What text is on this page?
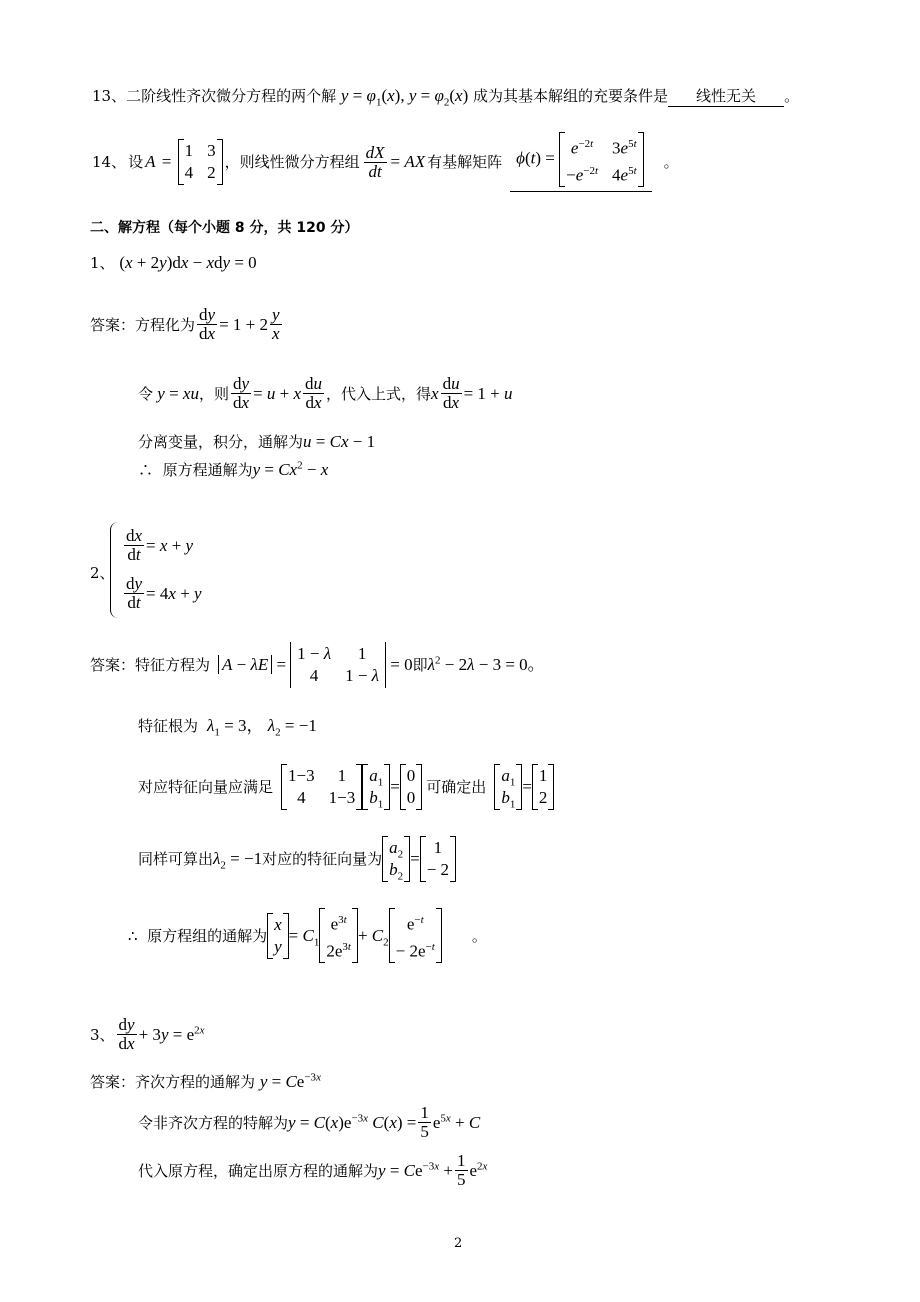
13、二阶线性齐次微分方程的两个解 $y = \varphi_1(x)$, $y = \varphi_2(x)$ 成为其基本解组的充要条件是 线性无关 。
14、 设 A =
1 3
4 2
，则线性微分方程组 $\frac{dX}{dt}$ = AX 有基解矩阵 ϕ(t) =
$e^{-2t}$ $3e^{5t}$
$-e^{-2t}$ $4e^{5t}$ 。
二、解方程（每个小题 8 分，共 120 分）
1、 (x + 2y)dx − xdy = 0
答案： 方程化为 $\frac{dy}{dx} = 1 + 2 \frac{y}{x}$
令 y = xu ，则 $\frac{dy}{dx} = u + x \frac{du}{dx}$ ，代入上式，得 x $\frac{du}{dx} = 1 + u$
分离变量，积分，通解为u = Cx − 1
∴ 原方程通解为$y = Cx^2 - x$
2、
$\frac{dx}{dt} = x + y$
$\frac{dy}{dt} = 4x + y$
答案： 特征方程为 A − λE =
1 − λ	1
4	1 − λ
= 0 即 $\lambda^2 - 2\lambda - 3 = 0$。
特征根为 $\lambda_1 = 3$， $\lambda_2 = -1$
对应特征向量应满足
1−3	1
4	1−3
$a_1$
$b_1$
=
0
0
可确定出
$a_1$
$b_1$
=
1
2
同样可算出 $\lambda_2 = -1$ 对应的特征向量为
$a_2$
$b_2$
=
1
− 2
∴
原方程组的通解为
x
y
= $C_1$
$e^{3t}$
$2e^{3t}$
+ $C_2$
$e^{-t}$
− $2e^{-t}$
。
3、 $\frac{dy}{dx} + 3y = e^{2x}$
答案：齐次方程的通解为 $y = Ce^{-3x}$
令非齐次方程的特解为 $y = C(x)e^{-3x}$ $C(x) = \frac{1}{5} e^{5x} + C$
代入原方程，确定出原方程的通解为 $y = Ce^{-3x} + \frac{1}{5} e^{2x}$
2
